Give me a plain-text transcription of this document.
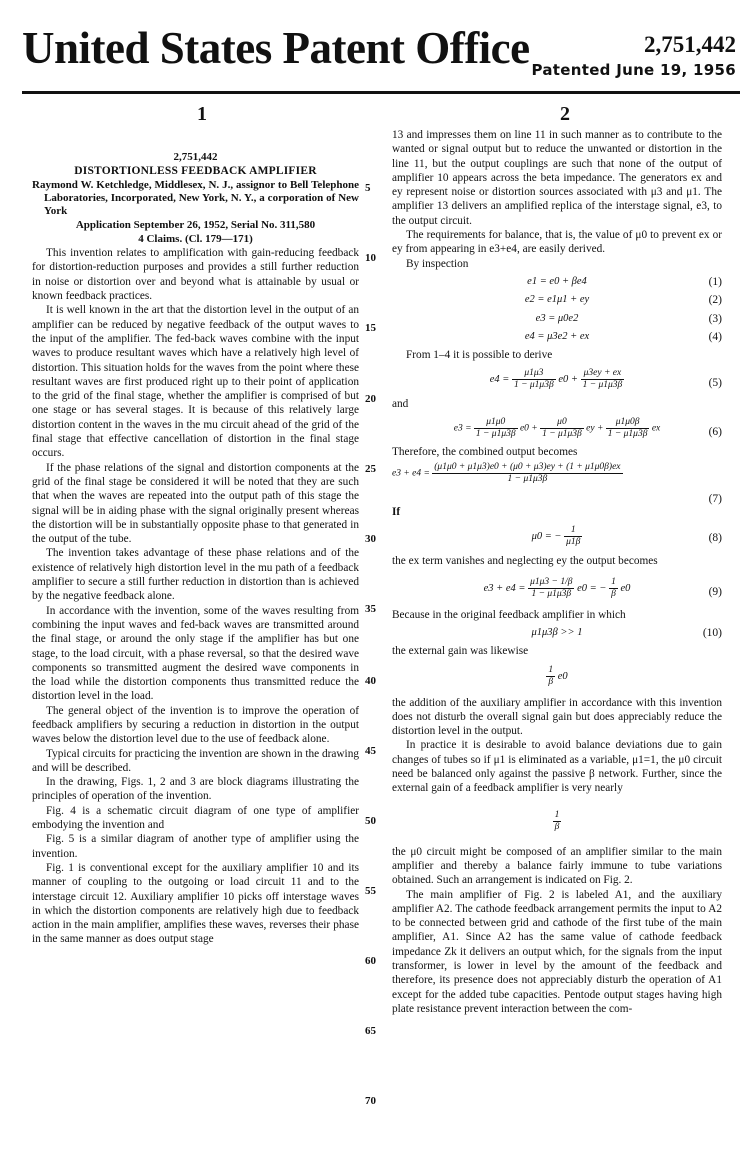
United States Patent Office	2,751,442
Patented June 19, 1956
1	2

2,751,442

DISTORTIONLESS FEEDBACK AMPLIFIER

Raymond W. Ketchledge, Middlesex, N. J., assignor to Bell Telephone Laboratories, Incorporated, New York, N. Y., a corporation of New York

Application September 26, 1952, Serial No. 311,580

4 Claims. (Cl. 179—171)

This invention relates to amplification with gain-reducing feedback for distortion-reduction purposes and provides a still further reduction in noise or distortion over and beyond what is attainable by usual or known feedback practices.

It is well known in the art that the distortion level in the output of an amplifier can be reduced by negative feedback of the output waves to the input of the amplifier. The fed-back waves combine with the input waves to produce resultant waves which have a relatively high level of distortion. This situation holds for the waves from the point where these resultant waves are first produced right up to their point of application to the grid of the final stage, whether the amplifier is comprised of but one stage or has several stages. It is because of this relatively large distortion content in the waves in the mu circuit ahead of the grid of the final stage that effective cancellation of distortion in the final stage occurs.

If the phase relations of the signal and distortion components at the grid of the final stage be considered it will be noted that they are such that when the waves are repeated into the output path of this stage the signal will be in aiding phase with the signal originally present whereas the distortion will be in substantially opposite phase to that generated in the output of the tube.

The invention takes advantage of these phase relations and of the existence of relatively high distortion level in the mu path of a feedback amplifier to secure a still further reduction in distortion than is achieved by the negative feedback alone.

In accordance with the invention, some of the waves resulting from combining the input waves and fed-back waves are transmitted around the final stage, or around the only stage if the amplifier has but one stage, to the load circuit, with a phase reversal, so that the desired wave components so transmitted augment the desired wave components in the load while the distortion components thus transmitted reduce the distortion level in the load.

The general object of the invention is to improve the operation of feedback amplifiers by securing a reduction in distortion in the output waves below the distortion level due to the use of feedback alone.

Typical circuits for practicing the invention are shown in the drawing and will be described.

In the drawing, Figs. 1, 2 and 3 are block diagrams illustrating the principles of operation of the invention.

Fig. 4 is a schematic circuit diagram of one type of amplifier embodying the invention and

Fig. 5 is a similar diagram of another type of amplifier using the invention.

Fig. 1 is conventional except for the auxiliary amplifier 10 and its manner of coupling to the outgoing or load circuit 11 and to the interstage circuit 12. Auxiliary amplifier 10 picks off interstage waves in which the distortion components are relatively high due to feedback action in the main amplifier, amplifies these waves, reverses their phase in the same manner as does output stage

5
10
15
20
25
30
35
40
45
50
55
60
65
70

13 and impresses them on line 11 in such manner as to contribute to the wanted or signal output but to reduce the unwanted or distortion in the line 11, but the output couplings are such that none of the output of amplifier 10 appears across the beta impedance. The generators ex and ey represent noise or distortion sources associated with μ3 and μ1. The amplifier 13 delivers an amplified replica of the interstage signal, e3, to the output circuit.

The requirements for balance, that is, the value of μ0 to prevent ex or ey from appearing in e3+e4, are easily derived.

By inspection

e1 = e0 + βe4	(1)
e2 = e1μ1 + ey	(2)
e3 = μ0e2	(3)
e4 = μ3e2 + ex	(4)

From 1–4 it is possible to derive

$e4 = \frac{\mu 1\mu 3}{1 - \mu 1\mu 3\beta} e0 + \frac{\mu 3ey + ex}{1 - \mu 1\mu 3\beta}$	(5)

and

$e3 = \frac{\mu 1\mu 0}{1 - \mu 1\mu 3\beta} e0 + \frac{\mu 0}{1 - \mu 1\mu 3\beta}$ ey + $\frac{\mu 1\mu 0\beta}{1 - \mu 1\mu 3\beta}$ ex	(6)

Therefore, the combined output becomes

$e3 + e4 = \frac{(\mu 1\mu 0 + \mu 1\mu 3)e0 + (\mu 0 + \mu 3)ey + (1 + \mu 1\mu 0\beta)ex}{1 - \mu 1\mu 3\beta}$
(7)

If

μ0 = − $\frac{1}{\mu 1\beta}$	(8)

the ex term vanishes and neglecting ey the output becomes

$e3 + e4 = \frac{\mu 1\mu 3 - 1/\beta}{1 - \mu 1\mu 3\beta} e0$ = − $\frac{1}{\beta} e0$	(9)

Because in the original feedback amplifier in which

μ1μ3β >> 1	(10)

the external gain was likewise

$\frac{1}{\beta} e0$

the addition of the auxiliary amplifier in accordance with this invention does not disturb the overall signal gain but does appreciably reduce the distortion level in the output.

In practice it is desirable to avoid balance deviations due to gain changes of tubes so if μ1 is eliminated as a variable, μ1=1, the μ0 circuit need be balanced only against the passive β network. Further, since the external gain of a feedback amplifier is very nearly

$\frac{1}{\beta}$

the μ0 circuit might be composed of an amplifier similar to the main amplifier and thereby a balance fairly immune to tube variations obtained. Such an arrangement is indicated on Fig. 2.

The main amplifier of Fig. 2 is labeled A1, and the auxiliary amplifier A2. The cathode feedback arrangement permits the input to A2 to be connected between grid and cathode of the first tube of the main amplifier, A1. Since A2 has the same value of cathode feedback impedance Zk it delivers an output which, for the signals from the input transformer, is lower in level by the amount of the feedback and therefore, its presence does not appreciably disturb the operation of A1 except for the added tube capacities. Pentode output stages having high plate resistance prevent interaction between the com-
